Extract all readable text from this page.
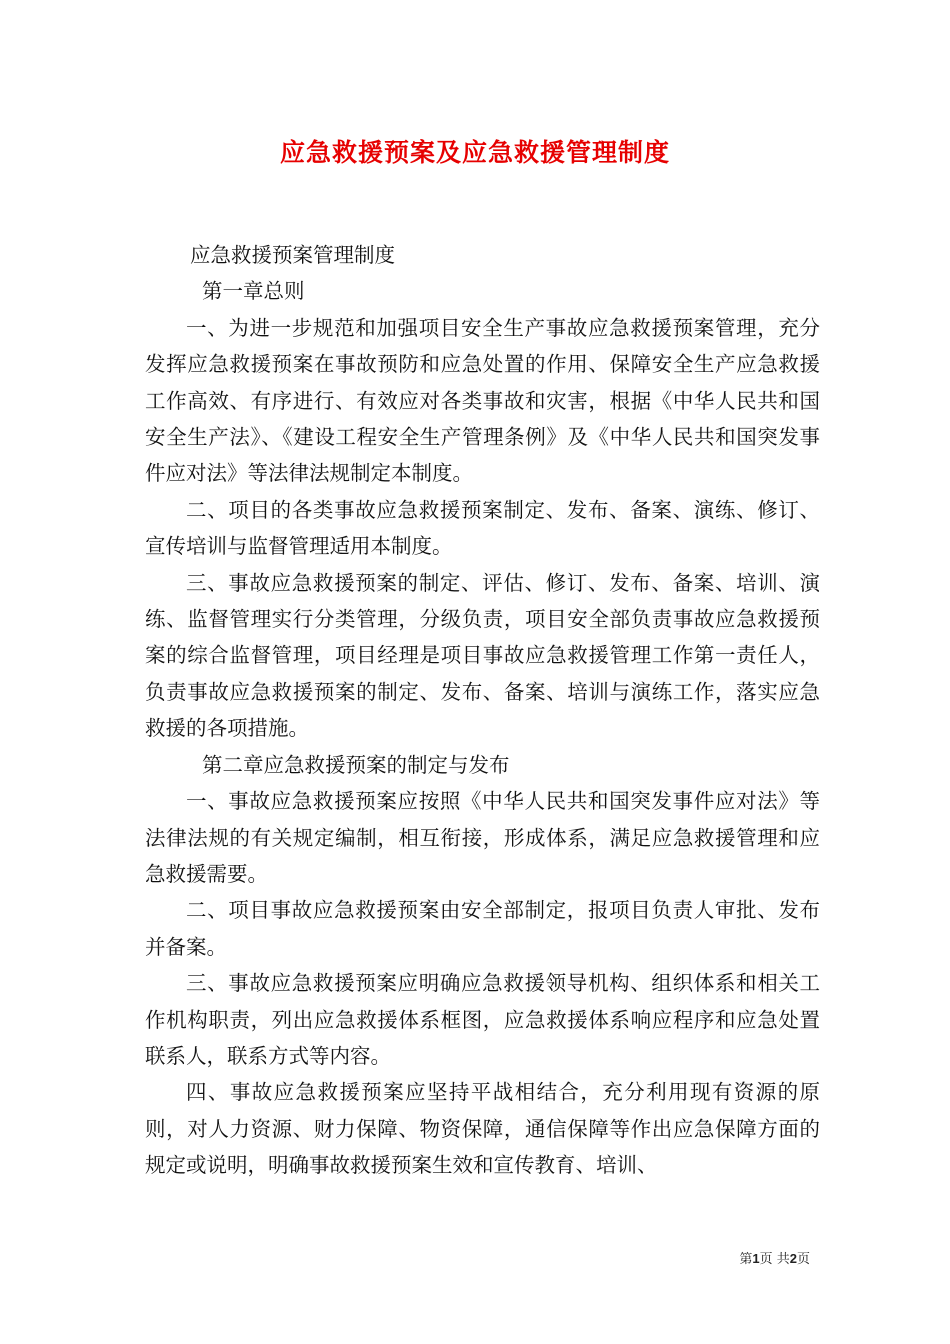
应急救援预案及应急救援管理制度

应急救援预案管理制度

第一章总则

一、为进一步规范和加强项目安全生产事故应急救援预案管理，充分发挥应急救援预案在事故预防和应急处置的作用、保障安全生产应急救援工作高效、有序进行、有效应对各类事故和灾害，根据《中华人民共和国安全生产法》、《建设工程安全生产管理条例》及《中华人民共和国突发事件应对法》等法律法规制定本制度。

二、项目的各类事故应急救援预案制定、发布、备案、演练、修订、宣传培训与监督管理适用本制度。

三、事故应急救援预案的制定、评估、修订、发布、备案、培训、演练、监督管理实行分类管理，分级负责，项目安全部负责事故应急救援预案的综合监督管理，项目经理是项目事故应急救援管理工作第一责任人，负责事故应急救援预案的制定、发布、备案、培训与演练工作，落实应急救援的各项措施。

第二章应急救援预案的制定与发布

一、事故应急救援预案应按照《中华人民共和国突发事件应对法》等法律法规的有关规定编制，相互衔接，形成体系，满足应急救援管理和应急救援需要。

二、项目事故应急救援预案由安全部制定，报项目负责人审批、发布并备案。

三、事故应急救援预案应明确应急救援领导机构、组织体系和相关工作机构职责，列出应急救援体系框图，应急救援体系响应程序和应急处置联系人，联系方式等内容。

四、事故应急救援预案应坚持平战相结合，充分利用现有资源的原则，对人力资源、财力保障、物资保障，通信保障等作出应急保障方面的规定或说明，明确事故救援预案生效和宣传教育、培训、

第1页 共2页
